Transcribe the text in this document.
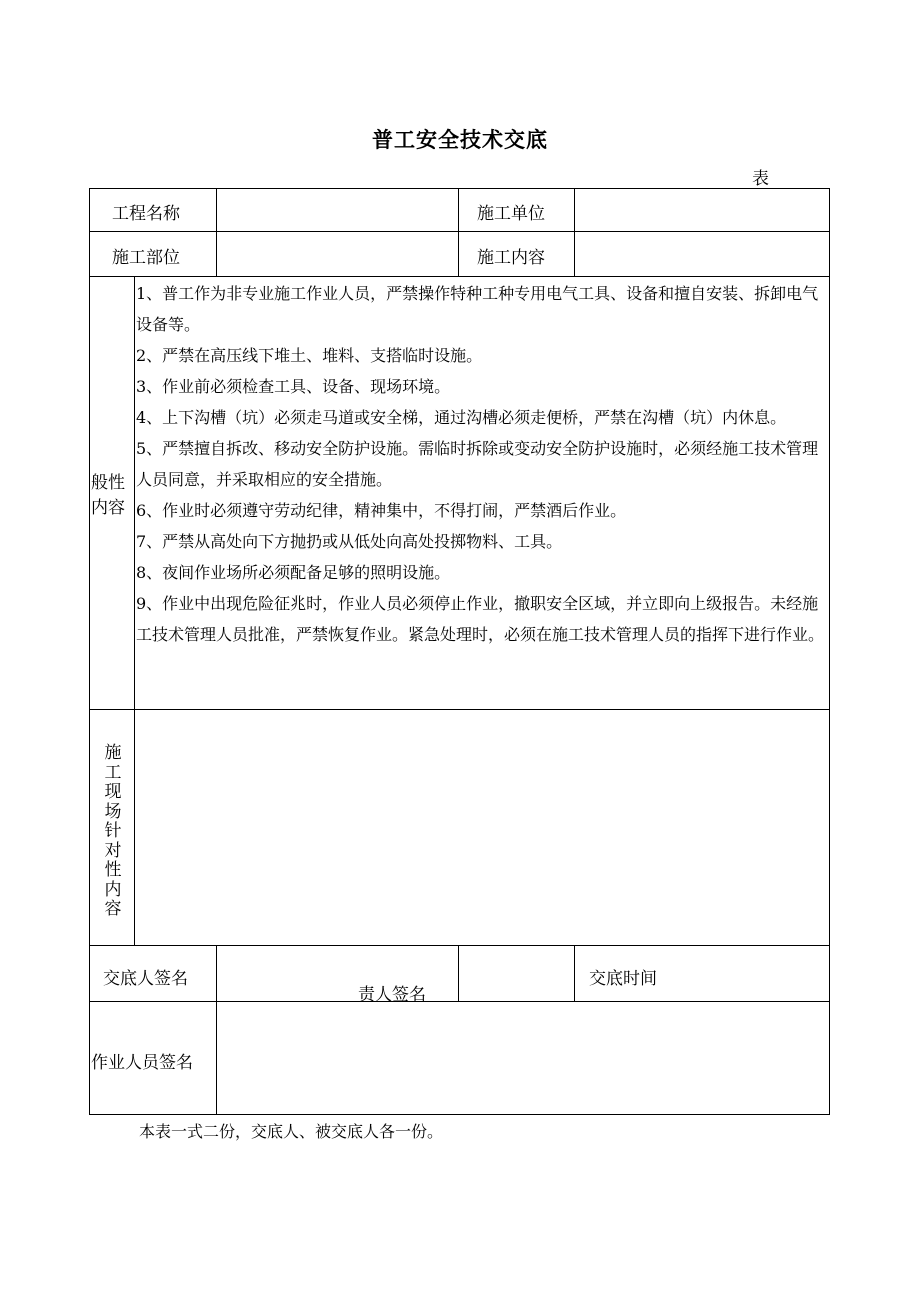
普工安全技术交底
表
工程名称	施工单位
施工部位	施工内容
般性
内容

1、普工作为非专业施工作业人员，严禁操作特种工种专用电气工具、设备和擅自安装、拆卸电气设备等。

2、严禁在高压线下堆土、堆料、支搭临时设施。

3、作业前必须检查工具、设备、现场环境。

4、上下沟槽（坑）必须走马道或安全梯，通过沟槽必须走便桥，严禁在沟槽（坑）内休息。

5、严禁擅自拆改、移动安全防护设施。需临时拆除或变动安全防护设施时，必须经施工技术管理人员同意，并采取相应的安全措施。

6、作业时必须遵守劳动纪律，精神集中，不得打闹，严禁酒后作业。

7、严禁从高处向下方抛扔或从低处向高处投掷物料、工具。

8、夜间作业场所必须配备足够的照明设施。

9、作业中出现危险征兆时，作业人员必须停止作业，撤职安全区域，并立即向上级报告。未经施工技术管理人员批准，严禁恢复作业。紧急处理时，必须在施工技术管理人员的指挥下进行作业。

施工现场针对性内容
交底人签名
责人签名
交底时间
作业人员签名
本表一式二份，交底人、被交底人各一份。
